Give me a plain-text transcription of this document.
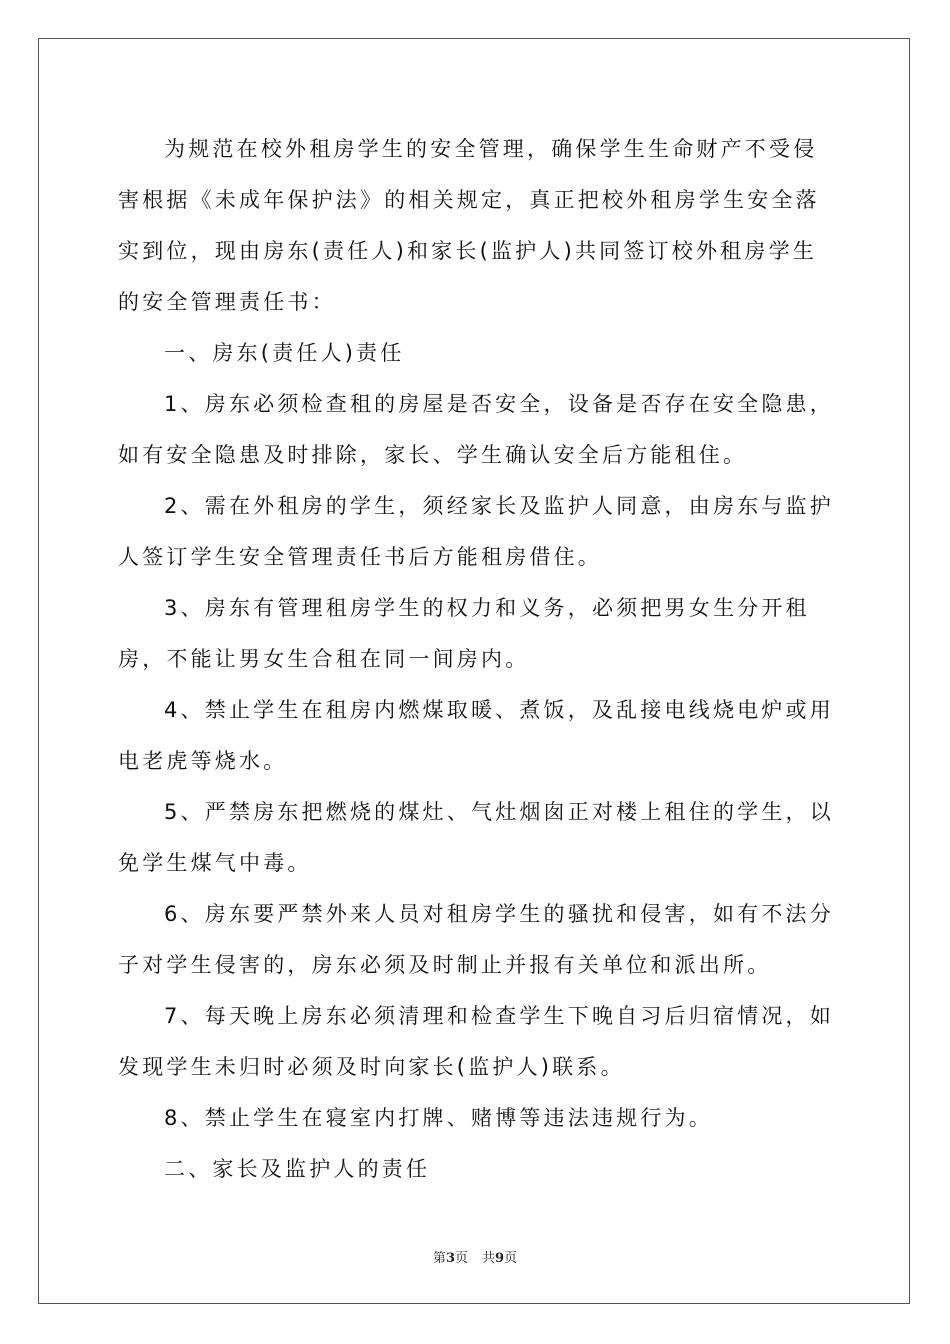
为规范在校外租房学生的安全管理，确保学生生命财产不受侵害根据《未成年保护法》的相关规定，真正把校外租房学生安全落实到位，现由房东(责任人)和家长(监护人)共同签订校外租房学生的安全管理责任书：

一、房东(责任人)责任

1、房东必须检查租的房屋是否安全，设备是否存在安全隐患，如有安全隐患及时排除，家长、学生确认安全后方能租住。

2、需在外租房的学生，须经家长及监护人同意，由房东与监护人签订学生安全管理责任书后方能租房借住。

3、房东有管理租房学生的权力和义务，必须把男女生分开租房，不能让男女生合租在同一间房内。

4、禁止学生在租房内燃煤取暖、煮饭，及乱接电线烧电炉或用电老虎等烧水。

5、严禁房东把燃烧的煤灶、气灶烟囱正对楼上租住的学生，以免学生煤气中毒。

6、房东要严禁外来人员对租房学生的骚扰和侵害，如有不法分子对学生侵害的，房东必须及时制止并报有关单位和派出所。

7、每天晚上房东必须清理和检查学生下晚自习后归宿情况，如发现学生未归时必须及时向家长(监护人)联系。

8、禁止学生在寝室内打牌、赌博等违法违规行为。

二、家长及监护人的责任

第3页 共9页
